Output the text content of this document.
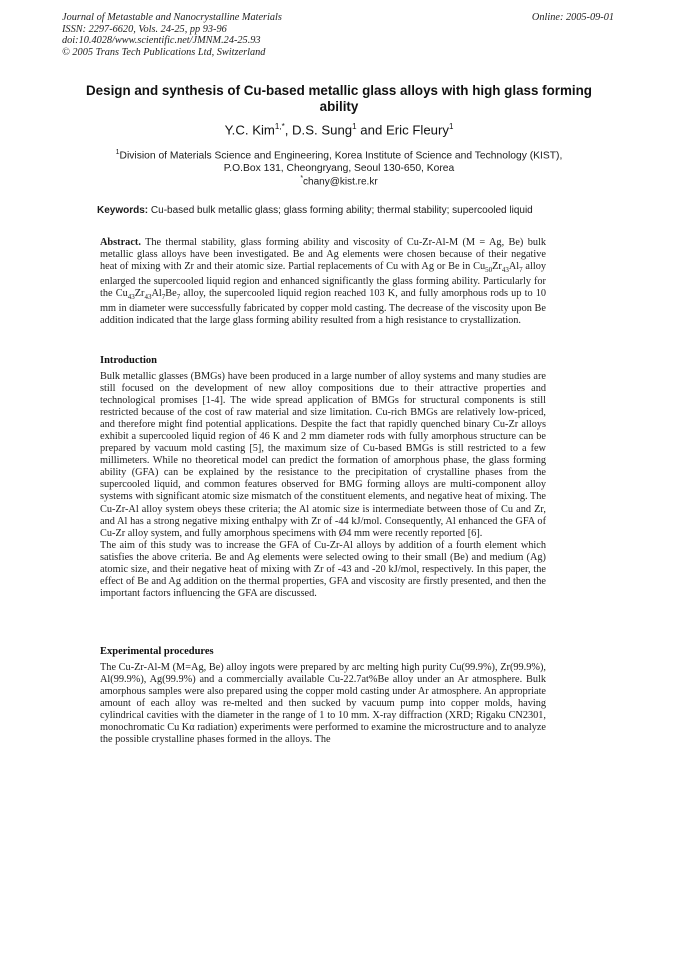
Journal of Metastable and Nanocrystalline Materials
ISSN: 2297-6620, Vols. 24-25, pp 93-96
doi:10.4028/www.scientific.net/JMNM.24-25.93
© 2005 Trans Tech Publications Ltd, Switzerland
Online: 2005-09-01
Design and synthesis of Cu-based metallic glass alloys with high glass forming ability
Y.C. Kim$^{1,*}$, D.S. Sung$^1$ and Eric Fleury$^1$
$^1$Division of Materials Science and Engineering, Korea Institute of Science and Technology (KIST),
P.O.Box 131, Cheongryang, Seoul 130-650, Korea
*chany@kist.re.kr
Keywords: Cu-based bulk metallic glass; glass forming ability; thermal stability; supercooled liquid

Abstract. The thermal stability, glass forming ability and viscosity of Cu-Zr-Al-M (M = Ag, Be) bulk metallic glass alloys have been investigated. Be and Ag elements were chosen because of their negative heat of mixing with Zr and their atomic size. Partial replacements of Cu with Ag or Be in $Cu_{50}Zr_{43}Al_7$ alloy enlarged the supercooled liquid region and enhanced significantly the glass forming ability. Particularly for the $Cu_{43}Zr_{43}Al_7Be_7$ alloy, the supercooled liquid region reached 103 K, and fully amorphous rods up to 10 mm in diameter were successfully fabricated by copper mold casting. The decrease of the viscosity upon Be addition indicated that the large glass forming ability resulted from a high resistance to crystallization.

Introduction

Bulk metallic glasses (BMGs) have been produced in a large number of alloy systems and many studies are still focused on the development of new alloy compositions due to their attractive properties and technological promises [1-4]. The wide spread application of BMGs for structural components is still restricted because of the cost of raw material and size limitation. Cu-rich BMGs are relatively low-priced, and therefore might find potential applications. Despite the fact that rapidly quenched binary Cu-Zr alloys exhibit a supercooled liquid region of 46 K and 2 mm diameter rods with fully amorphous structure can be prepared by vacuum mold casting [5], the maximum size of Cu-based BMGs is still restricted to a few millimeters. While no theoretical model can predict the formation of amorphous phase, the glass forming ability (GFA) can be explained by the resistance to the precipitation of crystalline phases from the supercooled liquid, and common features observed for BMG forming alloys are multi-component alloy systems with significant atomic size mismatch of the constituent elements, and negative heat of mixing. The Cu-Zr-Al alloy system obeys these criteria; the Al atomic size is intermediate between those of Cu and Zr, and Al has a strong negative mixing enthalpy with Zr of -44 kJ/mol. Consequently, Al enhanced the GFA of Cu-Zr alloy system, and fully amorphous specimens with Ø4 mm were recently reported [6].

The aim of this study was to increase the GFA of Cu-Zr-Al alloys by addition of a fourth element which satisfies the above criteria. Be and Ag elements were selected owing to their small (Be) and medium (Ag) atomic size, and their negative heat of mixing with Zr of -43 and -20 kJ/mol, respectively. In this paper, the effect of Be and Ag addition on the thermal properties, GFA and viscosity are firstly presented, and then the important factors influencing the GFA are discussed.

Experimental procedures

The Cu-Zr-Al-M (M=Ag, Be) alloy ingots were prepared by arc melting high purity Cu(99.9%), Zr(99.9%), Al(99.9%), Ag(99.9%) and a commercially available Cu-22.7at%Be alloy under an Ar atmosphere. Bulk amorphous samples were also prepared using the copper mold casting under Ar atmosphere. An appropriate amount of each alloy was re-melted and then sucked by vacuum pump into copper molds, having cylindrical cavities with the diameter in the range of 1 to 10 mm. X-ray diffraction (XRD; Rigaku CN2301, monochromatic Cu Kα radiation) experiments were performed to examine the microstructure and to analyze the possible crystalline phases formed in the alloys. The
